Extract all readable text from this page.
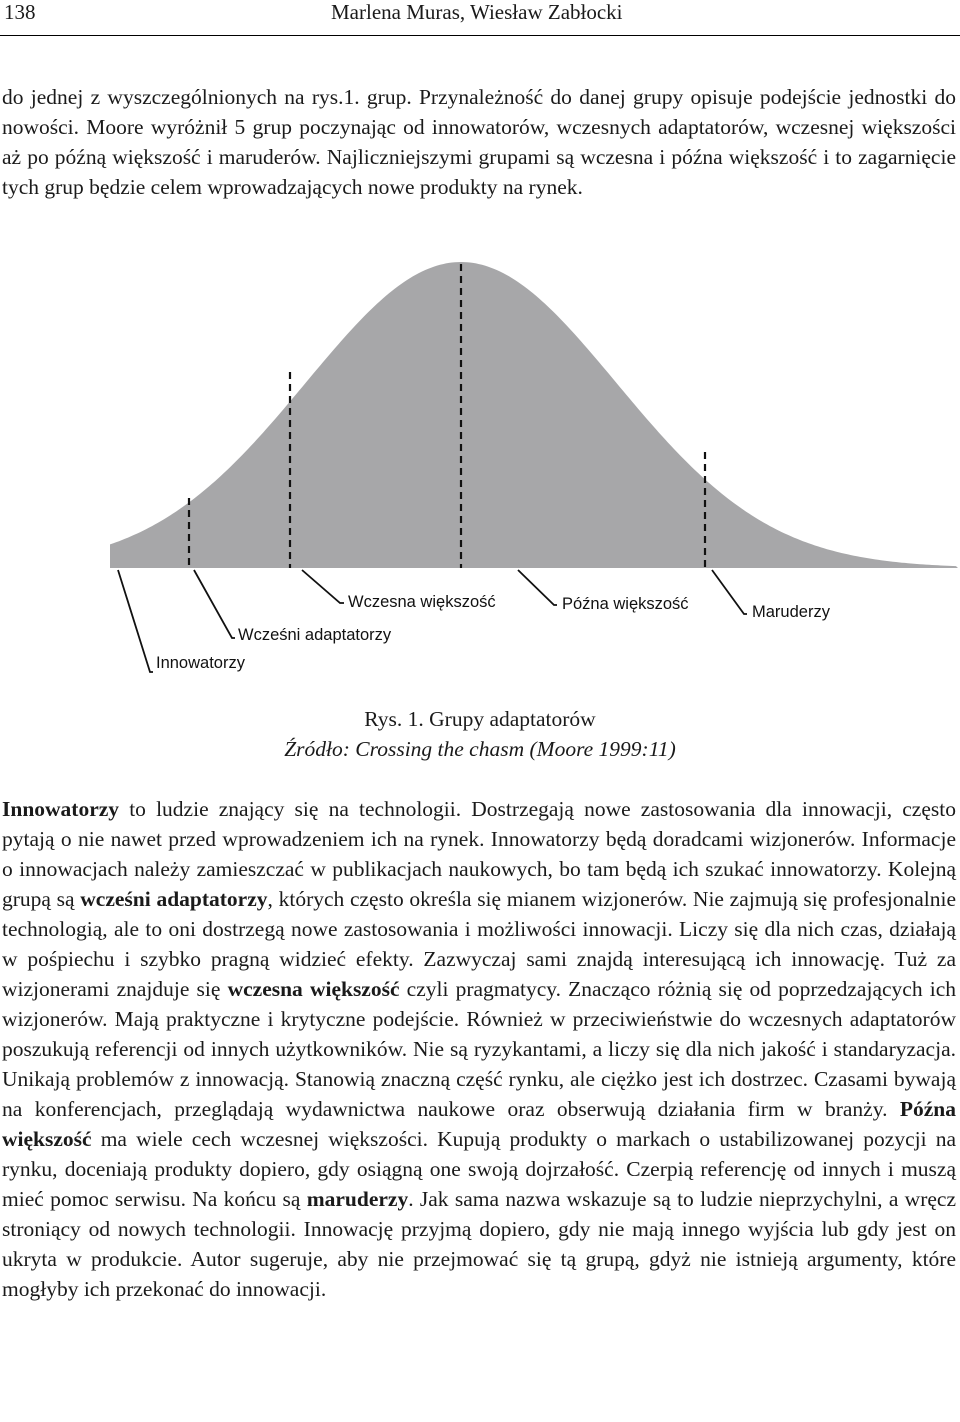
138	Marlena Muras, Wiesław Zabłocki

do jednej z wyszczególnionych na rys.1. grup. Przynależność do danej grupy opisuje podejście jednostki do nowości. Moore wyróżnił 5 grup poczynając od innowatorów, wczesnych adaptatorów, wczesnej większości aż po późną większość i maruderów. Najliczniejszymi grupami są wczesna i późna większość i to zagarnięcie tych grup będzie celem wprowadzających nowe produkty na rynek.

Innowatorzy
Wcześni adaptatorzy
Wczesna większość	Późna większość	Maruderzy
Rys. 1. Grupy adaptatorów
Źródło: Crossing the chasm (Moore 1999:11)

Innowatorzy to ludzie znający się na technologii. Dostrzegają nowe zastosowania dla innowacji, często pytają o nie nawet przed wprowadzeniem ich na rynek. Innowatorzy będą doradcami wizjonerów. Informacje o innowacjach należy zamieszczać w publikacjach naukowych, bo tam będą ich szukać innowatorzy. Kolejną grupą są wcześni adaptatorzy, których często określa się mianem wizjonerów. Nie zajmują się profesjonalnie technologią, ale to oni dostrzegą nowe zastosowania i możliwości innowacji. Liczy się dla nich czas, działają w pośpiechu i szybko pragną widzieć efekty. Zazwyczaj sami znajdą interesującą ich innowację. Tuż za wizjonerami znajduje się wczesna większość czyli pragmatycy. Znacząco różnią się od poprzedzających ich wizjonerów. Mają praktyczne i krytyczne podejście. Również w przeciwieństwie do wczesnych adaptatorów poszukują referencji od innych użytkowników. Nie są ryzykantami, a liczy się dla nich jakość i standaryzacja. Unikają problemów z innowacją. Stanowią znaczną część rynku, ale ciężko jest ich dostrzec. Czasami bywają na konferencjach, przeglądają wydawnictwa naukowe oraz obserwują działania firm w branży. Późna większość ma wiele cech wczesnej większości. Kupują produkty o markach o ustabilizowanej pozycji na rynku, doceniają produkty dopiero, gdy osiągną one swoją dojrzałość. Czerpią referencję od innych i muszą mieć pomoc serwisu. Na końcu są maruderzy. Jak sama nazwa wskazuje są to ludzie nieprzychylni, a wręcz stroniący od nowych technologii. Innowację przyjmą dopiero, gdy nie mają innego wyjścia lub gdy jest on ukryta w produkcie. Autor sugeruje, aby nie przejmować się tą grupą, gdyż nie istnieją argumenty, które mogłyby ich przekonać do innowacji.
